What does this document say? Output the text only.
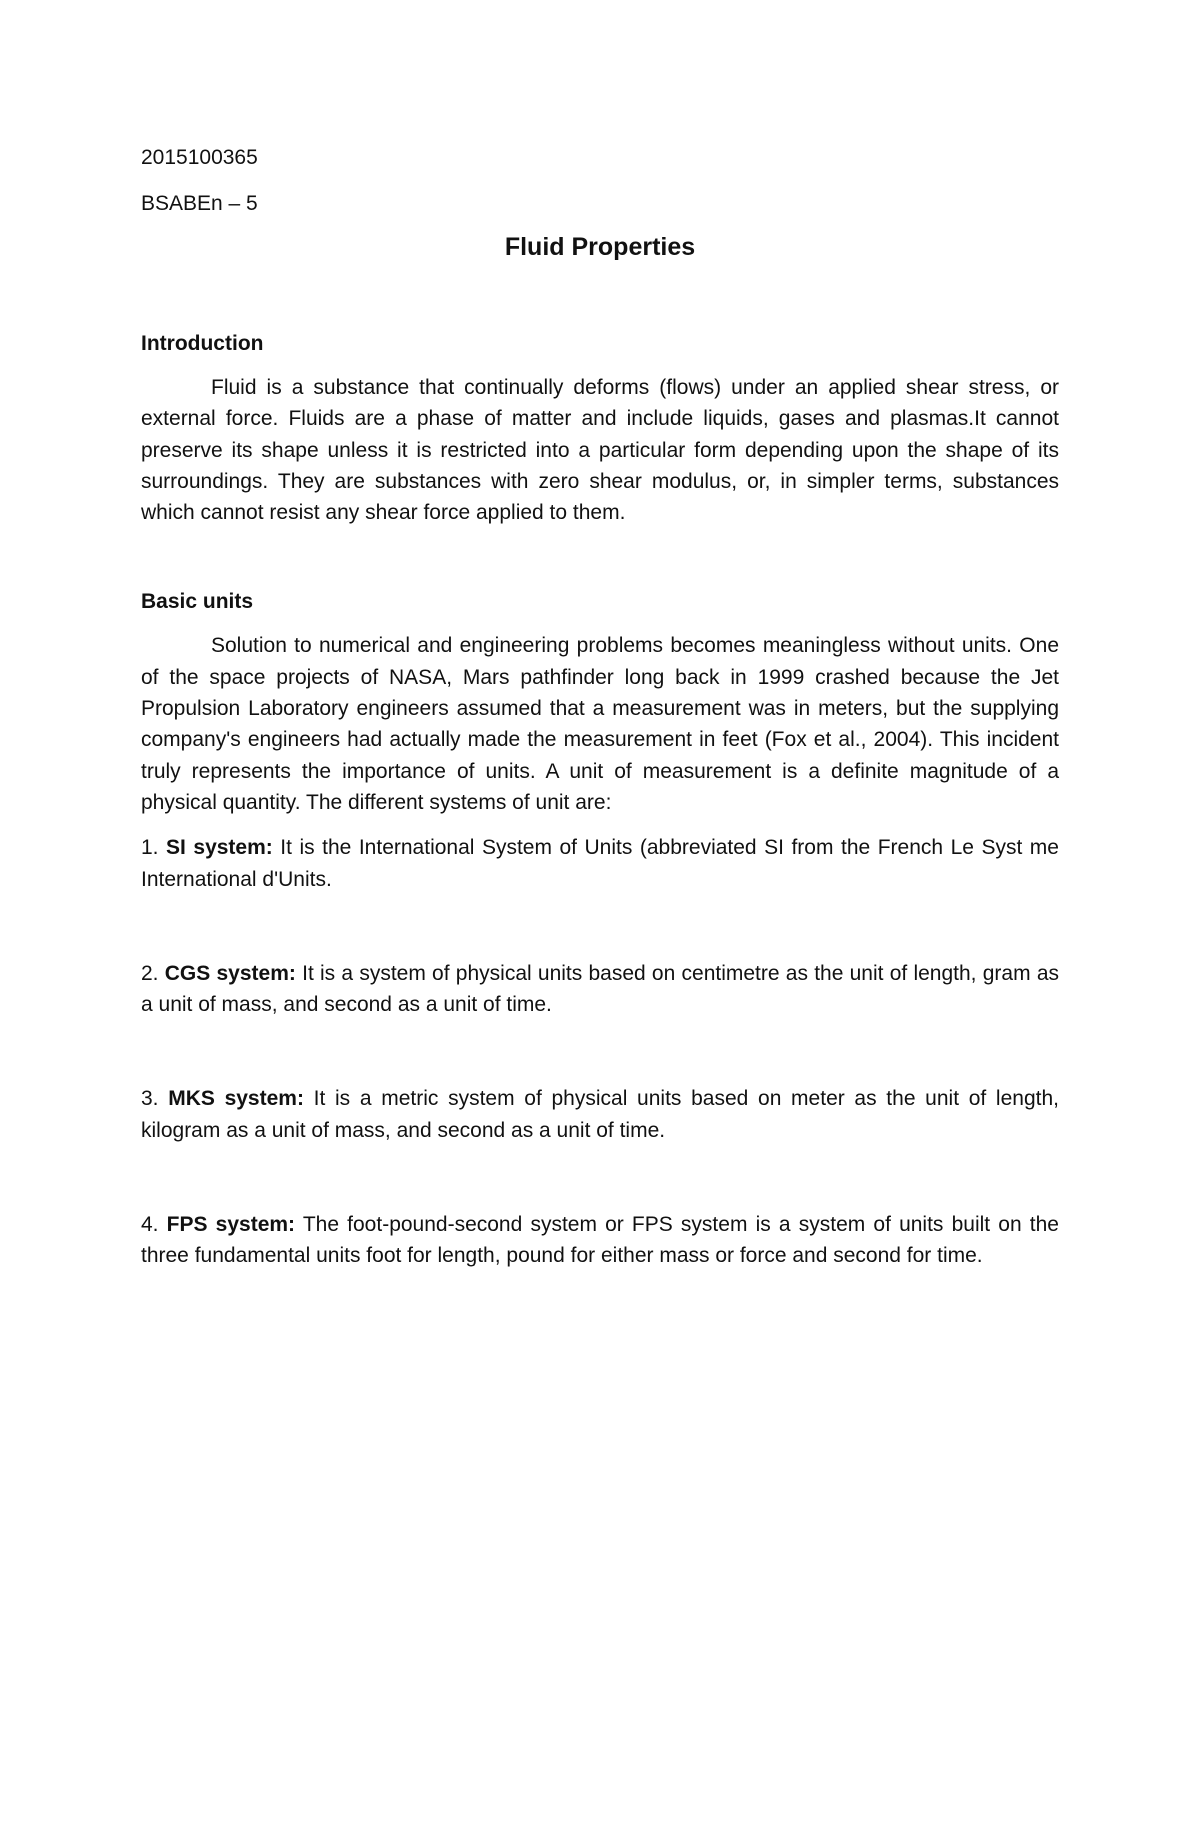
2015100365

BSABEn – 5

Fluid Properties
Introduction

Fluid is a substance that continually deforms (flows) under an applied shear stress, or external force. Fluids are a phase of matter and include liquids, gases and plasmas.It cannot preserve its shape unless it is restricted into a particular form depending upon the shape of its surroundings. They are substances with zero shear modulus, or, in simpler terms, substances which cannot resist any shear force applied to them.

Basic units

Solution to numerical and engineering problems becomes meaningless without units. One of the space projects of NASA, Mars pathfinder long back in 1999 crashed because the Jet Propulsion Laboratory engineers assumed that a measurement was in meters, but the supplying company's engineers had actually made the measurement in feet (Fox et al., 2004). This incident truly represents the importance of units. A unit of measurement is a definite magnitude of a physical quantity. The different systems of unit are:

1. SI system: It is the International System of Units (abbreviated SI from the French Le Syst me International d'Units.

2. CGS system: It is a system of physical units based on centimetre as the unit of length, gram as a unit of mass, and second as a unit of time.

3. MKS system: It is a metric system of physical units based on meter as the unit of length, kilogram as a unit of mass, and second as a unit of time.

4. FPS system: The foot-pound-second system or FPS system is a system of units built on the three fundamental units foot for length, pound for either mass or force and second for time.
